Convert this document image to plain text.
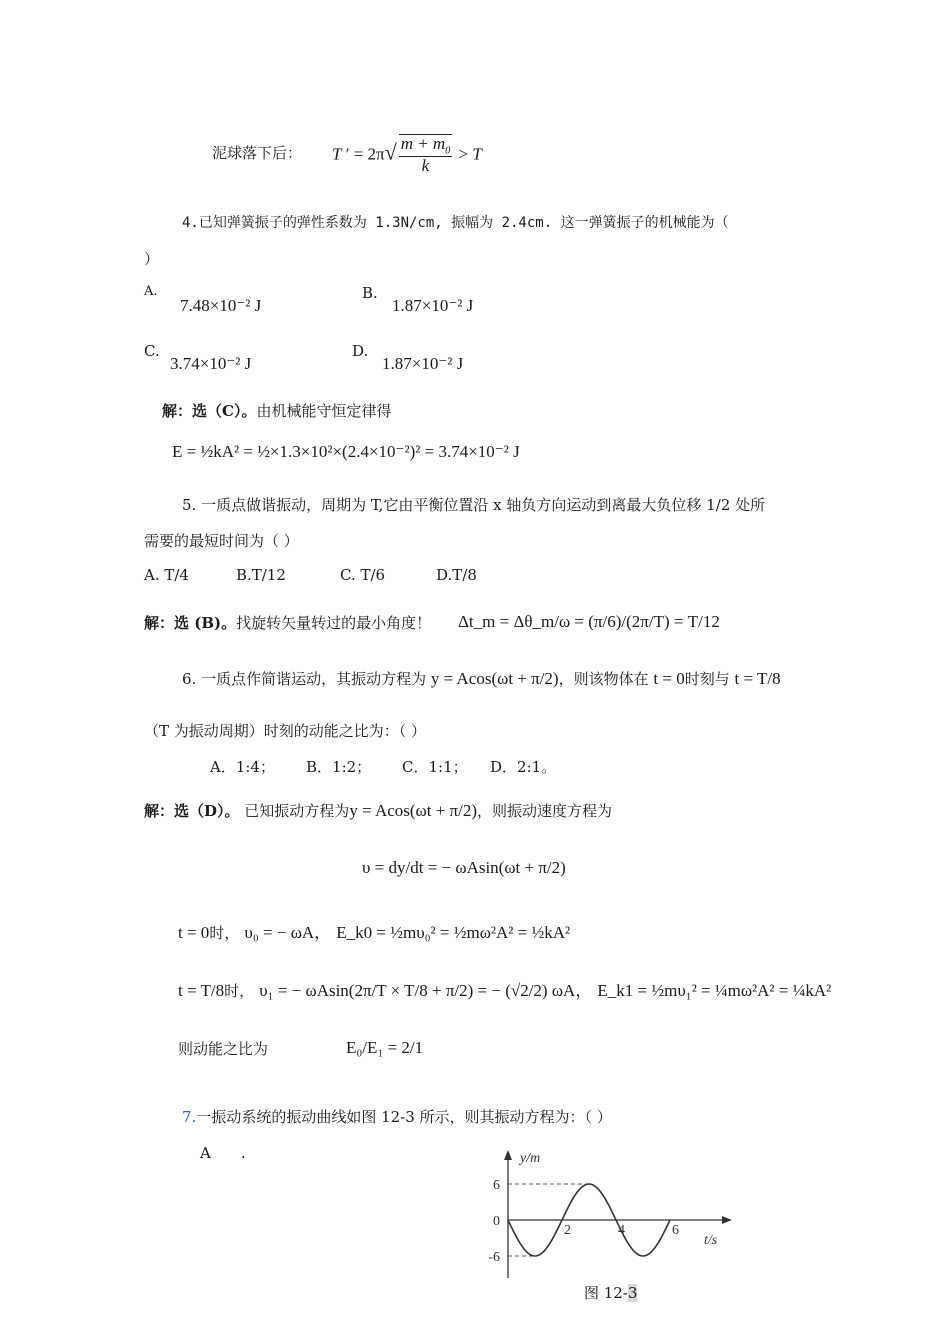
泥球落下后： T ′ = $2\pi√ \frac{m + m_0}{k} > T$
4.已知弹簧振子的弹性系数为 1.3N/cm, 振幅为 2.4cm. 这一弹簧振子的机械能为（
）
A.
7.48×10⁻² J
B.
1.87×10⁻² J
C.
3.74×10⁻² J
D.
1.87×10⁻² J
解：选（C）。由机械能守恒定律得
E = ½kA² = ½×1.3×10²×(2.4×10⁻²)² = 3.74×10⁻² J
5. 一质点做谐振动，周期为 T,它由平衡位置沿 x 轴负方向运动到离最大负位移 1/2 处所
需要的最短时间为（ ）
A. T/4	B.T/12	C. T/6	D.T/8
解：选 (B)。找旋转矢量转过的最小角度！ Δt_m = Δθ_m/ω = (π/6)/(2π/T) = T/12
6. 一质点作简谐运动，其振动方程为 y = Acos(ωt + π/2)，则该物体在 t = 0时刻与 t = T/8
（T 为振动周期）时刻的动能之比为：（ ）
A．1:4； B．1:2； C．1:1； D．2:1。
解：选（D）。 已知振动方程为y = Acos(ωt + π/2)，则振动速度方程为
υ = dy/dt = − ωAsin(ωt + π/2)
t = 0时， υ₀ = − ωA， E_k0 = ½mυ₀² = ½mω²A² = ½kA²
t = T/8时， υ₁ = − ωAsin(2π/T × T/8 + π/2) = − (√2/2) ωA， E_k1 = ½mυ₁² = ¼mω²A² = ¼kA²
则动能之比为	E₀/E₁ = 2/1
7.一振动系统的振动曲线如图 12-3 所示，则其振动方程为：（ ）
A　　.	y/m
t/s
6
0
-6
2	4	6
图 12-3
